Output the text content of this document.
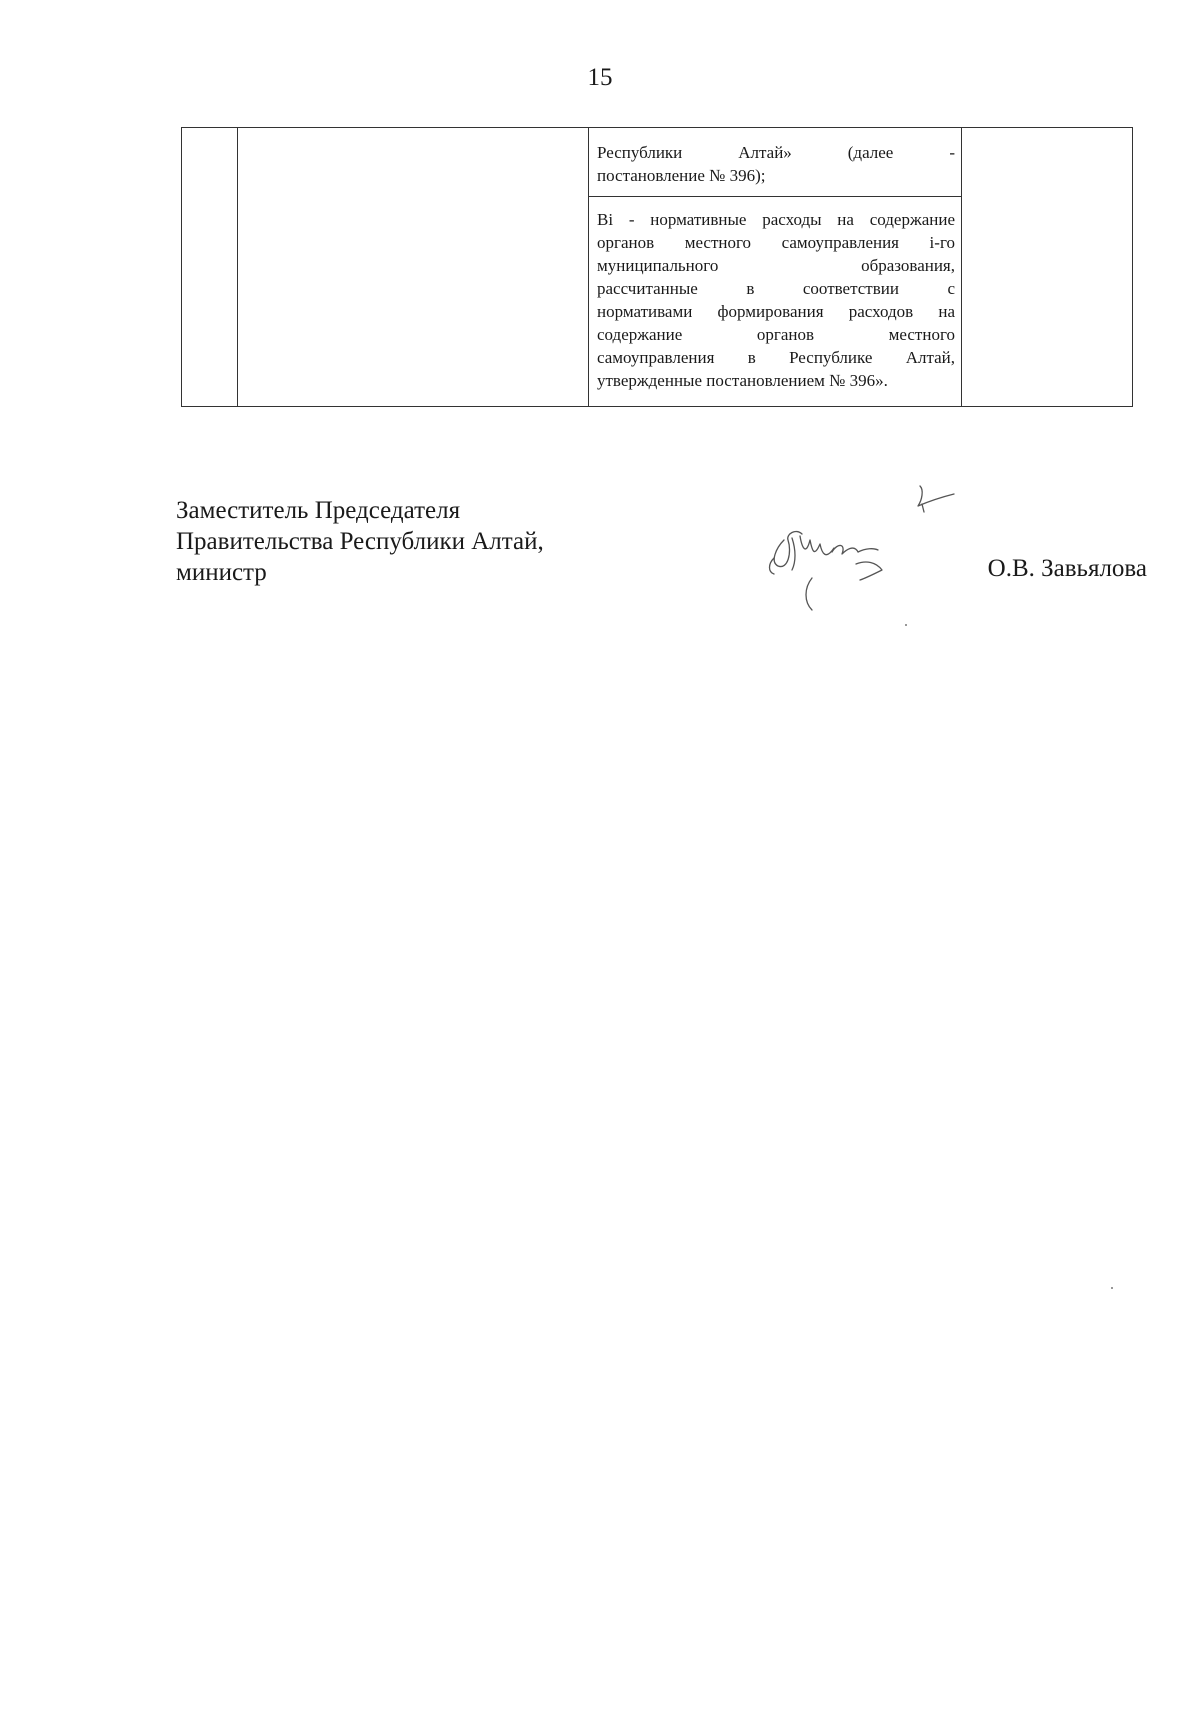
15

Республики Алтай» (далее -
постановление № 396);
Bi - нормативные расходы на содержание
органов местного самоуправления i-го
муниципального образования,
рассчитанные в соответствии с
нормативами формирования расходов на
содержание органов местного
самоуправления в Республике Алтай,
утвержденные постановлением № 396».

Заместитель Председателя
Правительства Республики Алтай,
министр	О.В. Завьялова
